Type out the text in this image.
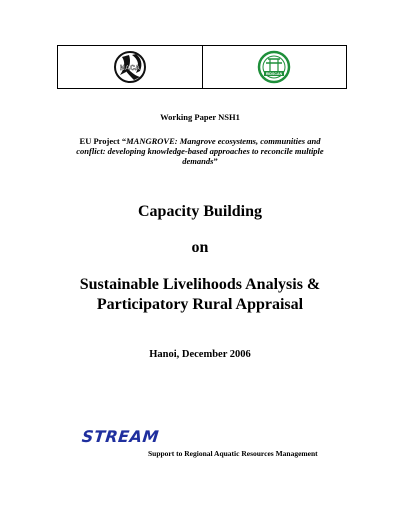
NACA
RIDSCAN
Working Paper NSH1
EU Project “MANGROVE: Mangrove ecosystems, communities and conflict: developing knowledge-based approaches to reconcile multiple demands”
Capacity Building
on
Sustainable Livelihoods Analysis &
Participatory Rural Appraisal
Hanoi, December 2006
STREAM
Support to Regional Aquatic Resources Management
